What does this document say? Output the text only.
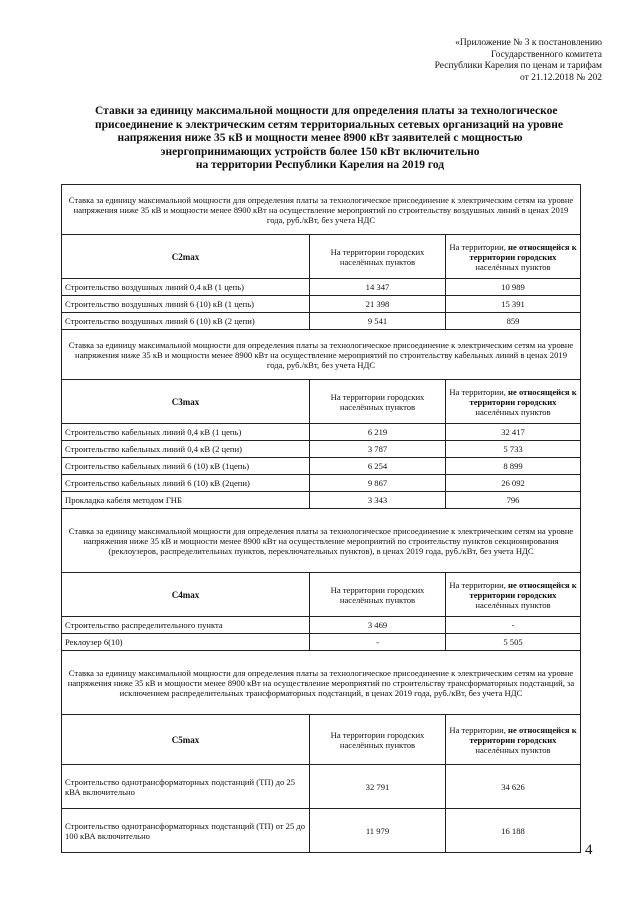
«Приложение № 3 к постановлению
Государственного комитета
Республики Карелия по ценам и тарифам
от 21.12.2018 № 202
Ставки за единицу максимальной мощности для определения платы за технологическое
присоединение к электрическим сетям территориальных сетевых организаций на уровне
напряжения ниже 35 кВ и мощности менее 8900 кВт заявителей с мощностью
энергопринимающих устройств более 150 кВт включительно
на территории Республики Карелия на 2019 год
Ставка за единицу максимальной мощности для определения платы за технологическое присоединение к электрическим сетям на уровне напряжения ниже 35 кВ и мощности менее 8900 кВт на осуществление мероприятий по строительству воздушных линий в ценах 2019 года, руб./кВт, без учета НДС		
C2max	На территории городских населённых пунктов	На территории, не относящейся к территории городских населённых пунктов
Строительство воздушных линий 0,4 кВ (1 цепь)	14 347	10 989
Строительство воздушных линий 6 (10) кВ (1 цепь)	21 398	15 391
Строительство воздушных линий 6 (10) кВ (2 цепи)	9 541	859
Ставка за единицу максимальной мощности для определения платы за технологическое присоединение к электрическим сетям на уровне напряжения ниже 35 кВ и мощности менее 8900 кВт на осуществление мероприятий по строительству кабельных линий в ценах 2019 года, руб./кВт, без учета НДС		
C3max	На территории городских населённых пунктов	На территории, не относящейся к территории городских населённых пунктов
Строительство кабельных линий 0,4 кВ (1 цепь)	6 219	32 417
Строительство кабельных линий 0,4 кВ (2 цепи)	3 787	5 733
Строительство кабельных линий 6 (10) кВ (1цепь)	6 254	8 899
Строительство кабельных линий 6 (10) кВ (2цепи)	9 867	26 092
Прокладка кабеля методом ГНБ	3 343	796
Ставка за единицу максимальной мощности для определения платы за технологическое присоединение к электрическим сетям на уровне напряжения ниже 35 кВ и мощности менее 8900 кВт на осуществление мероприятий по строительству пунктов секционирования (реклоузеров, распределительных пунктов, переключательных пунктов), в ценах 2019 года, руб./кВт, без учета НДС		
C4max	На территории городских населённых пунктов	На территории, не относящейся к территории городских населённых пунктов
Строительство распределительного пункта	3 469	-
Реклоузер 6(10)	-	5 505
Ставка за единицу максимальной мощности для определения платы за технологическое присоединение к электрическим сетям на уровне напряжения ниже 35 кВ и мощности менее 8900 кВт на осуществление мероприятий по строительству трансформаторных подстанций, за исключением распределительных трансформаторных подстанций, в ценах 2019 года, руб./кВт, без учета НДС		
C5max	На территории городских населённых пунктов	На территории, не относящейся к территории городских населённых пунктов
Строительство однотрансформаторных подстанций (ТП) до 25 кВА включительно	32 791	34 626
Строительство однотрансформаторных подстанций (ТП) от 25 до 100 кВА включительно	11 979	16 188
4
